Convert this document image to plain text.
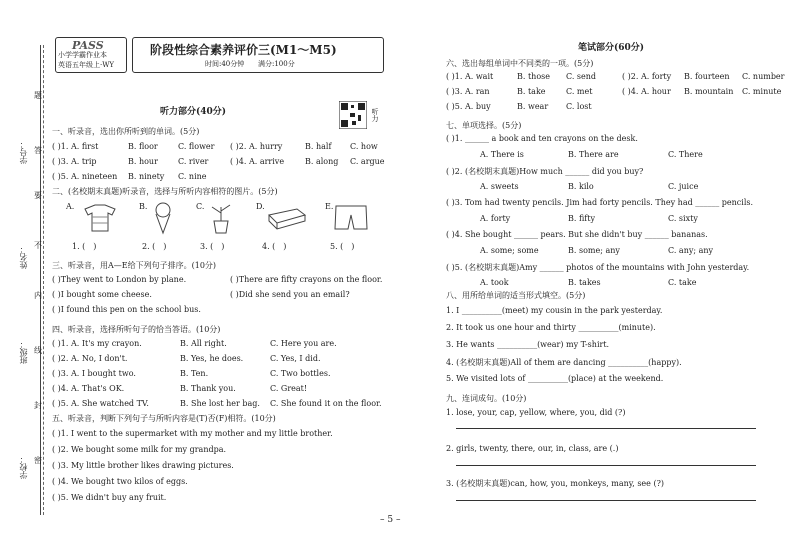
学校：
班级：
姓名：
学号：
题
答
要
不
内
线
封
密
PASS
小学学霸作业本
英语五年级上·WY
阶段性综合素养评价三(M1～M5)
时间:40分钟 满分:100分
听力部分(40分)	听力
一、听录音，选出你所听到的单词。(5分)
( )1. A. first	B. floor	C. flower ( )2. A. hurry	B. half C. how
( )3. A. trip	B. hour	C. river	( )4. A. arrive	B. along C. argue
( )5. A. nineteen B. ninety C. nine
二、(名校期末真题)听录音，选择与所听内容相符的图片。(5分)
A.	B.	C.	D.	E.
1. (　)	2. (　)	3. (　)	4. (　)	5. (　)
三、听录音，用A—E给下列句子排序。(10分)
( )They went to London by plane.	( )There are fifty crayons on the floor.
( )I bought some cheese.	( )Did she send you an email?
( )I found this pen on the school bus.
四、听录音，选择所听句子的恰当答语。(10分)
( )1. A. It's my crayon.	B. All right.	C. Here you are.
( )2. A. No, I don't.	B. Yes, he does.	C. Yes, I did.
( )3. A. I bought two.	B. Ten.	C. Two bottles.
( )4. A. That's OK.	B. Thank you.	C. Great!
( )5. A. She watched TV.	B. She lost her bag. C. She found it on the floor.
五、听录音，判断下列句子与所听内容是(T)否(F)相符。(10分)
( )1. I went to the supermarket with my mother and my little brother.
( )2. We bought some milk for my grandpa.
( )3. My little brother likes drawing pictures.
( )4. We bought two kilos of eggs.
( )5. We didn't buy any fruit.
笔试部分(60分)
六、选出每组单词中不同类的一项。(5分)
( )1. A. wait	B. those C. send	( )2. A. forty B. fourteen C. number
( )3. A. ran	B. take	C. met	( )4. A. hour B. mountain C. minute
( )5. A. buy	B. wear C. lost
七、单项选择。(5分)
( )1. ______ a book and ten crayons on the desk.
A. There is	B. There are	C. There
( )2. (名校期末真题)How much ______ did you buy?
A. sweets	B. kilo	C. juice
( )3. Tom had twenty pencils. Jim had forty pencils. They had ______ pencils.
A. forty	B. fifty	C. sixty
( )4. She bought ______ pears. But she didn't buy ______ bananas.
A. some; some	B. some; any	C. any; any
( )5. (名校期末真题)Amy ______ photos of the mountains with John yesterday.
A. took	B. takes	C. take
八、用所给单词的适当形式填空。(5分)
1. I __________(meet) my cousin in the park yesterday.
2. It took us one hour and thirty __________(minute).
3. He wants __________(wear) my T-shirt.
4. (名校期末真题)All of them are dancing __________(happy).
5. We visited lots of __________(place) at the weekend.
九、连词成句。(10分)
1. lose, your, cap, yellow, where, you, did (?)
2. girls, twenty, there, our, in, class, are (.)
3. (名校期末真题)can, how, you, monkeys, many, see (?)
– 5 –
